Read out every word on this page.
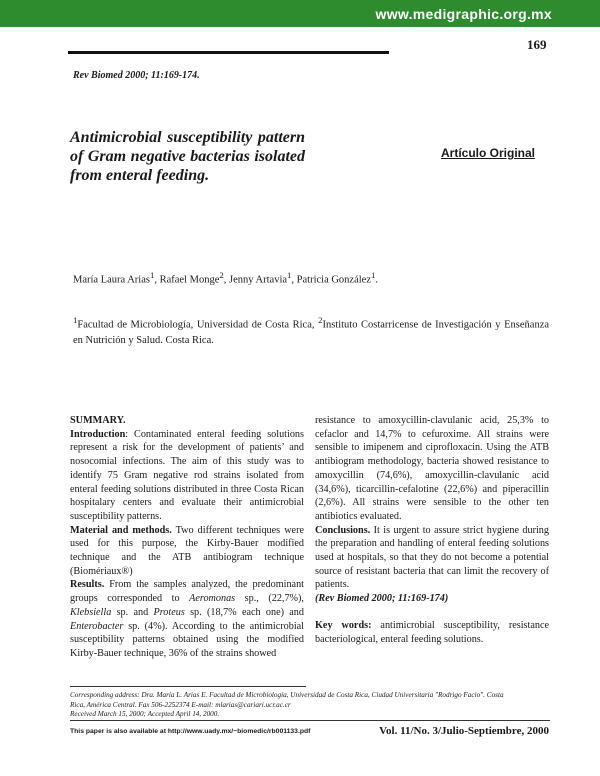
www.medigraphic.org.mx
169
Rev Biomed 2000; 11:169-174.
Antimicrobial susceptibility pattern of Gram negative bacterias isolated from enteral feeding.
Artículo Original
María Laura Arias$^1$, Rafael Monge$^2$, Jenny Artavia$^1$, Patricia González$^1$.
$^1$Facultad de Microbiología, Universidad de Costa Rica, $^2$Instituto Costarricense de Investigación y Enseñanza en Nutrición y Salud. Costa Rica.

SUMMARY.

Introduction: Contaminated enteral feeding solutions represent a risk for the development of patients’ and nosocomial infections. The aim of this study was to identify 75 Gram negative rod strains isolated from enteral feeding solutions distributed in three Costa Rican hospitalary centers and evaluate their antimicrobial susceptibility patterns.

Material and methods. Two different techniques were used for this purpose, the Kirby-Bauer modified technique and the ATB antibiogram technique (Biomériaux®)

Results. From the samples analyzed, the predominant groups corresponded to Aeromonas sp., (22,7%), Klebsiella sp. and Proteus sp. (18,7% each one) and Enterobacter sp. (4%). According to the antimicrobial susceptibility patterns obtained using the modified Kirby-Bauer technique, 36% of the strains showed

resistance to amoxycillin-clavulanic acid, 25,3% to cefaclor and 14,7% to cefuroxime. All strains were sensible to imipenem and ciprofloxacin. Using the ATB antibiogram methodology, bacteria showed resistance to amoxycillin (74,6%), amoxycillin-clavulanic acid (34,6%), ticarcillin-cefalotine (22,6%) and piperacillin (2,6%). All strains were sensible to the other ten antibiotics evaluated.

Conclusions. It is urgent to assure strict hygiene during the preparation and handling of enteral feeding solutions used at hospitals, so that they do not become a potential source of resistant bacteria that can limit the recovery of patients.

(Rev Biomed 2000; 11:169-174)

Key words: antimicrobial susceptibility, resistance bacteriological, enteral feeding solutions.

Corresponding address: Dra. María L. Arias E. Facultad de Microbiología, Universidad de Costa Rica, Ciudad Universitaria "Rodrigo Facio". Costa
Rica, América Central. Fax 506-2252374 E-mail: mlarias@cariari.ucr.ac.cr
Received March 15, 2000; Accepted April 14, 2000.
This paper is also available at http://www.uady.mx/~biomedic/rb001133.pdf	Vol. 11/No. 3/Julio-Septiembre, 2000
